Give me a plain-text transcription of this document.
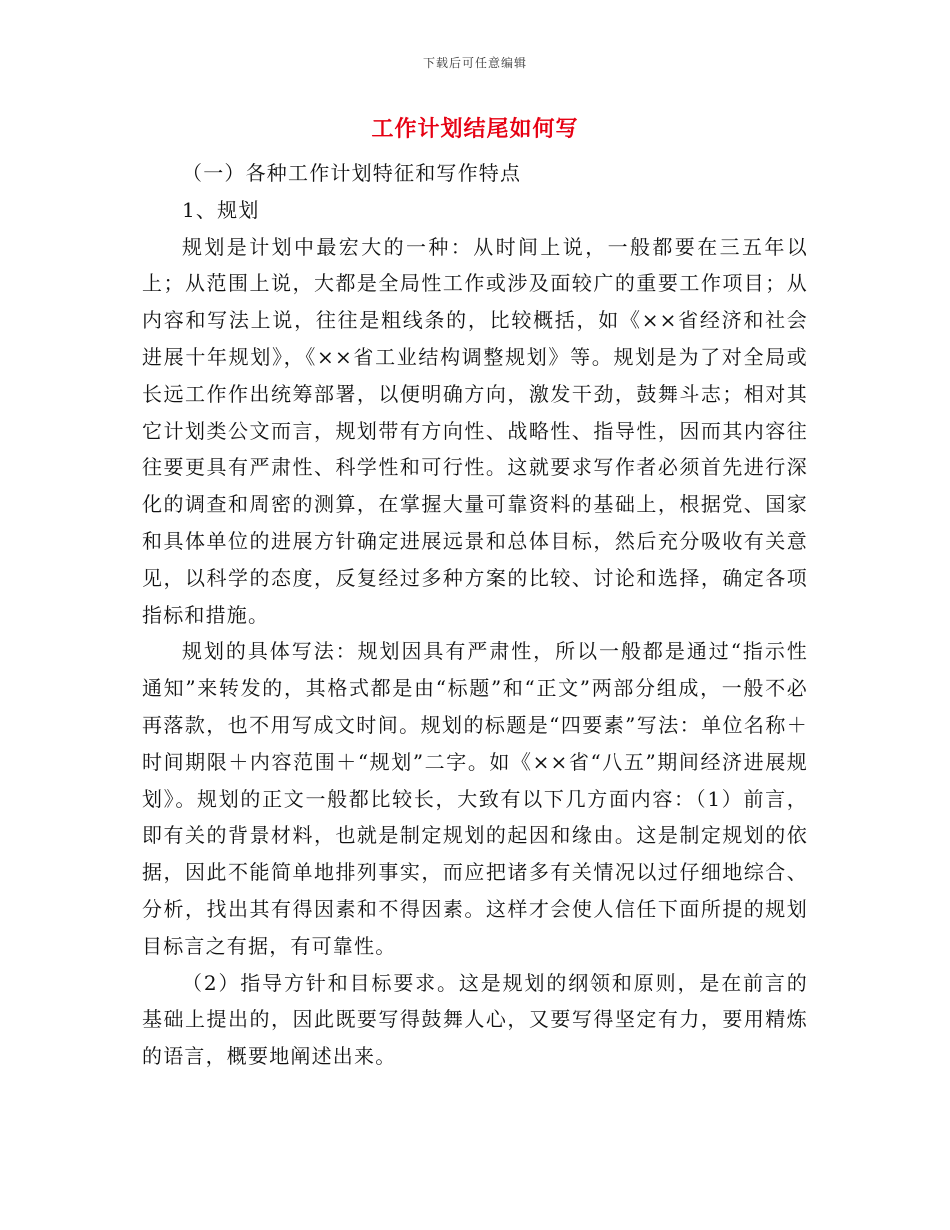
下载后可任意编辑
工作计划结尾如何写

（一）各种工作计划特征和写作特点

1、规划

规划是计划中最宏大的一种：从时间上说，一般都要在三五年以上；从范围上说，大都是全局性工作或涉及面较广的重要工作项目；从内容和写法上说，往往是粗线条的，比较概括，如《××省经济和社会进展十年规划》，《××省工业结构调整规划》等。规划是为了对全局或长远工作作出统筹部署，以便明确方向，激发干劲，鼓舞斗志；相对其它计划类公文而言，规划带有方向性、战略性、指导性，因而其内容往往要更具有严肃性、科学性和可行性。这就要求写作者必须首先进行深化的调查和周密的测算，在掌握大量可靠资料的基础上，根据党、国家和具体单位的进展方针确定进展远景和总体目标，然后充分吸收有关意见，以科学的态度，反复经过多种方案的比较、讨论和选择，确定各项指标和措施。

规划的具体写法：规划因具有严肃性，所以一般都是通过“指示性通知”来转发的，其格式都是由“标题”和“正文”两部分组成，一般不必再落款，也不用写成文时间。规划的标题是“四要素”写法：单位名称＋时间期限＋内容范围＋“规划”二字。如《××省“八五”期间经济进展规划》。规划的正文一般都比较长，大致有以下几方面内容：（1）前言，即有关的背景材料，也就是制定规划的起因和缘由。这是制定规划的依据，因此不能简单地排列事实，而应把诸多有关情况以过仔细地综合、分析，找出其有得因素和不得因素。这样才会使人信任下面所提的规划目标言之有据，有可靠性。

（2）指导方针和目标要求。这是规划的纲领和原则，是在前言的基础上提出的，因此既要写得鼓舞人心，又要写得坚定有力，要用精炼的语言，概要地阐述出来。
